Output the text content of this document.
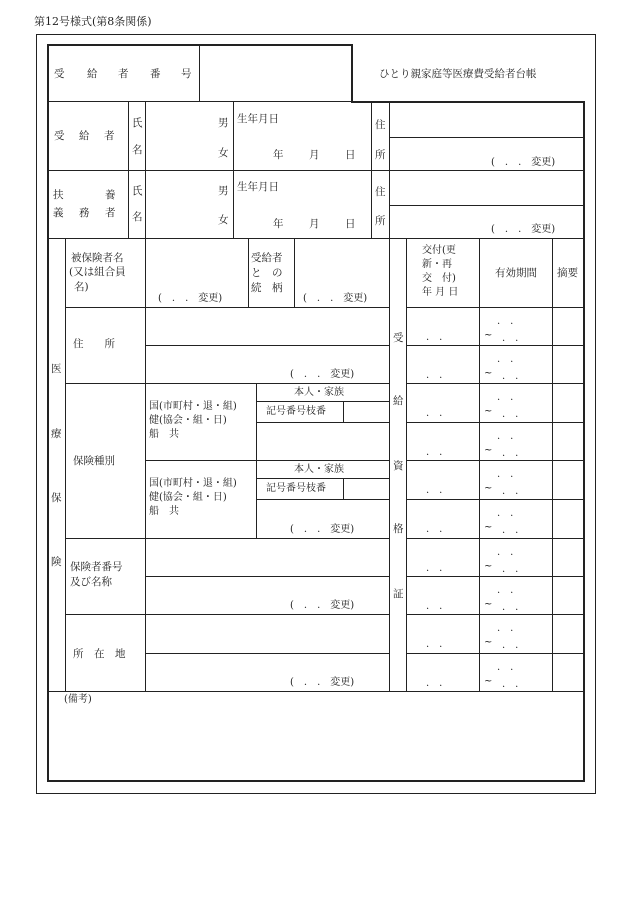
第12号様式(第8条関係)
受 給 者 番 号	ひとり親家庭等医療費受給者台帳
受 給 者
氏
名
男
女
生年月日
年 月 日
住
所
(　.　.　変更)
扶	養
義 務 者
氏
名
男
女
生年月日
年 月 日
住
所
(　.　.　変更)
医
療
保
険
受
給
資
格
証
被保険者名
(又は組合員
名)
(　.　.　変更)
受給者
と　の
続　柄
(　.　.　変更)
交付(更
新・再
交　付)
年 月 日
有効期間 摘要
住　　所
(　.　.　変更)
保険種別
国(市町村・退・組)
健(協会・組・日)
船　共
本人・家族
記号番号枝番
国(市町村・退・組)
健(協会・組・日)
船　共
本人・家族
記号番号枝番
(　.　.　変更)
保険者番号
及び名称
(　.　.　変更)
所　在　地
(　.　.　変更)
(備考)
.　.
.　.
~ .　.
.　.
.　.
~ .　.
.　.
.　.
~ .　.
.　.
.　.
~ .　.
.　.
.　.
~ .　.
.　.
.　.
~ .　.
.　.
.　.
~ .　.
.　.
.　.
~ .　.
.　.
.　.
~ .　.
.　.
.　.
~ .　.
